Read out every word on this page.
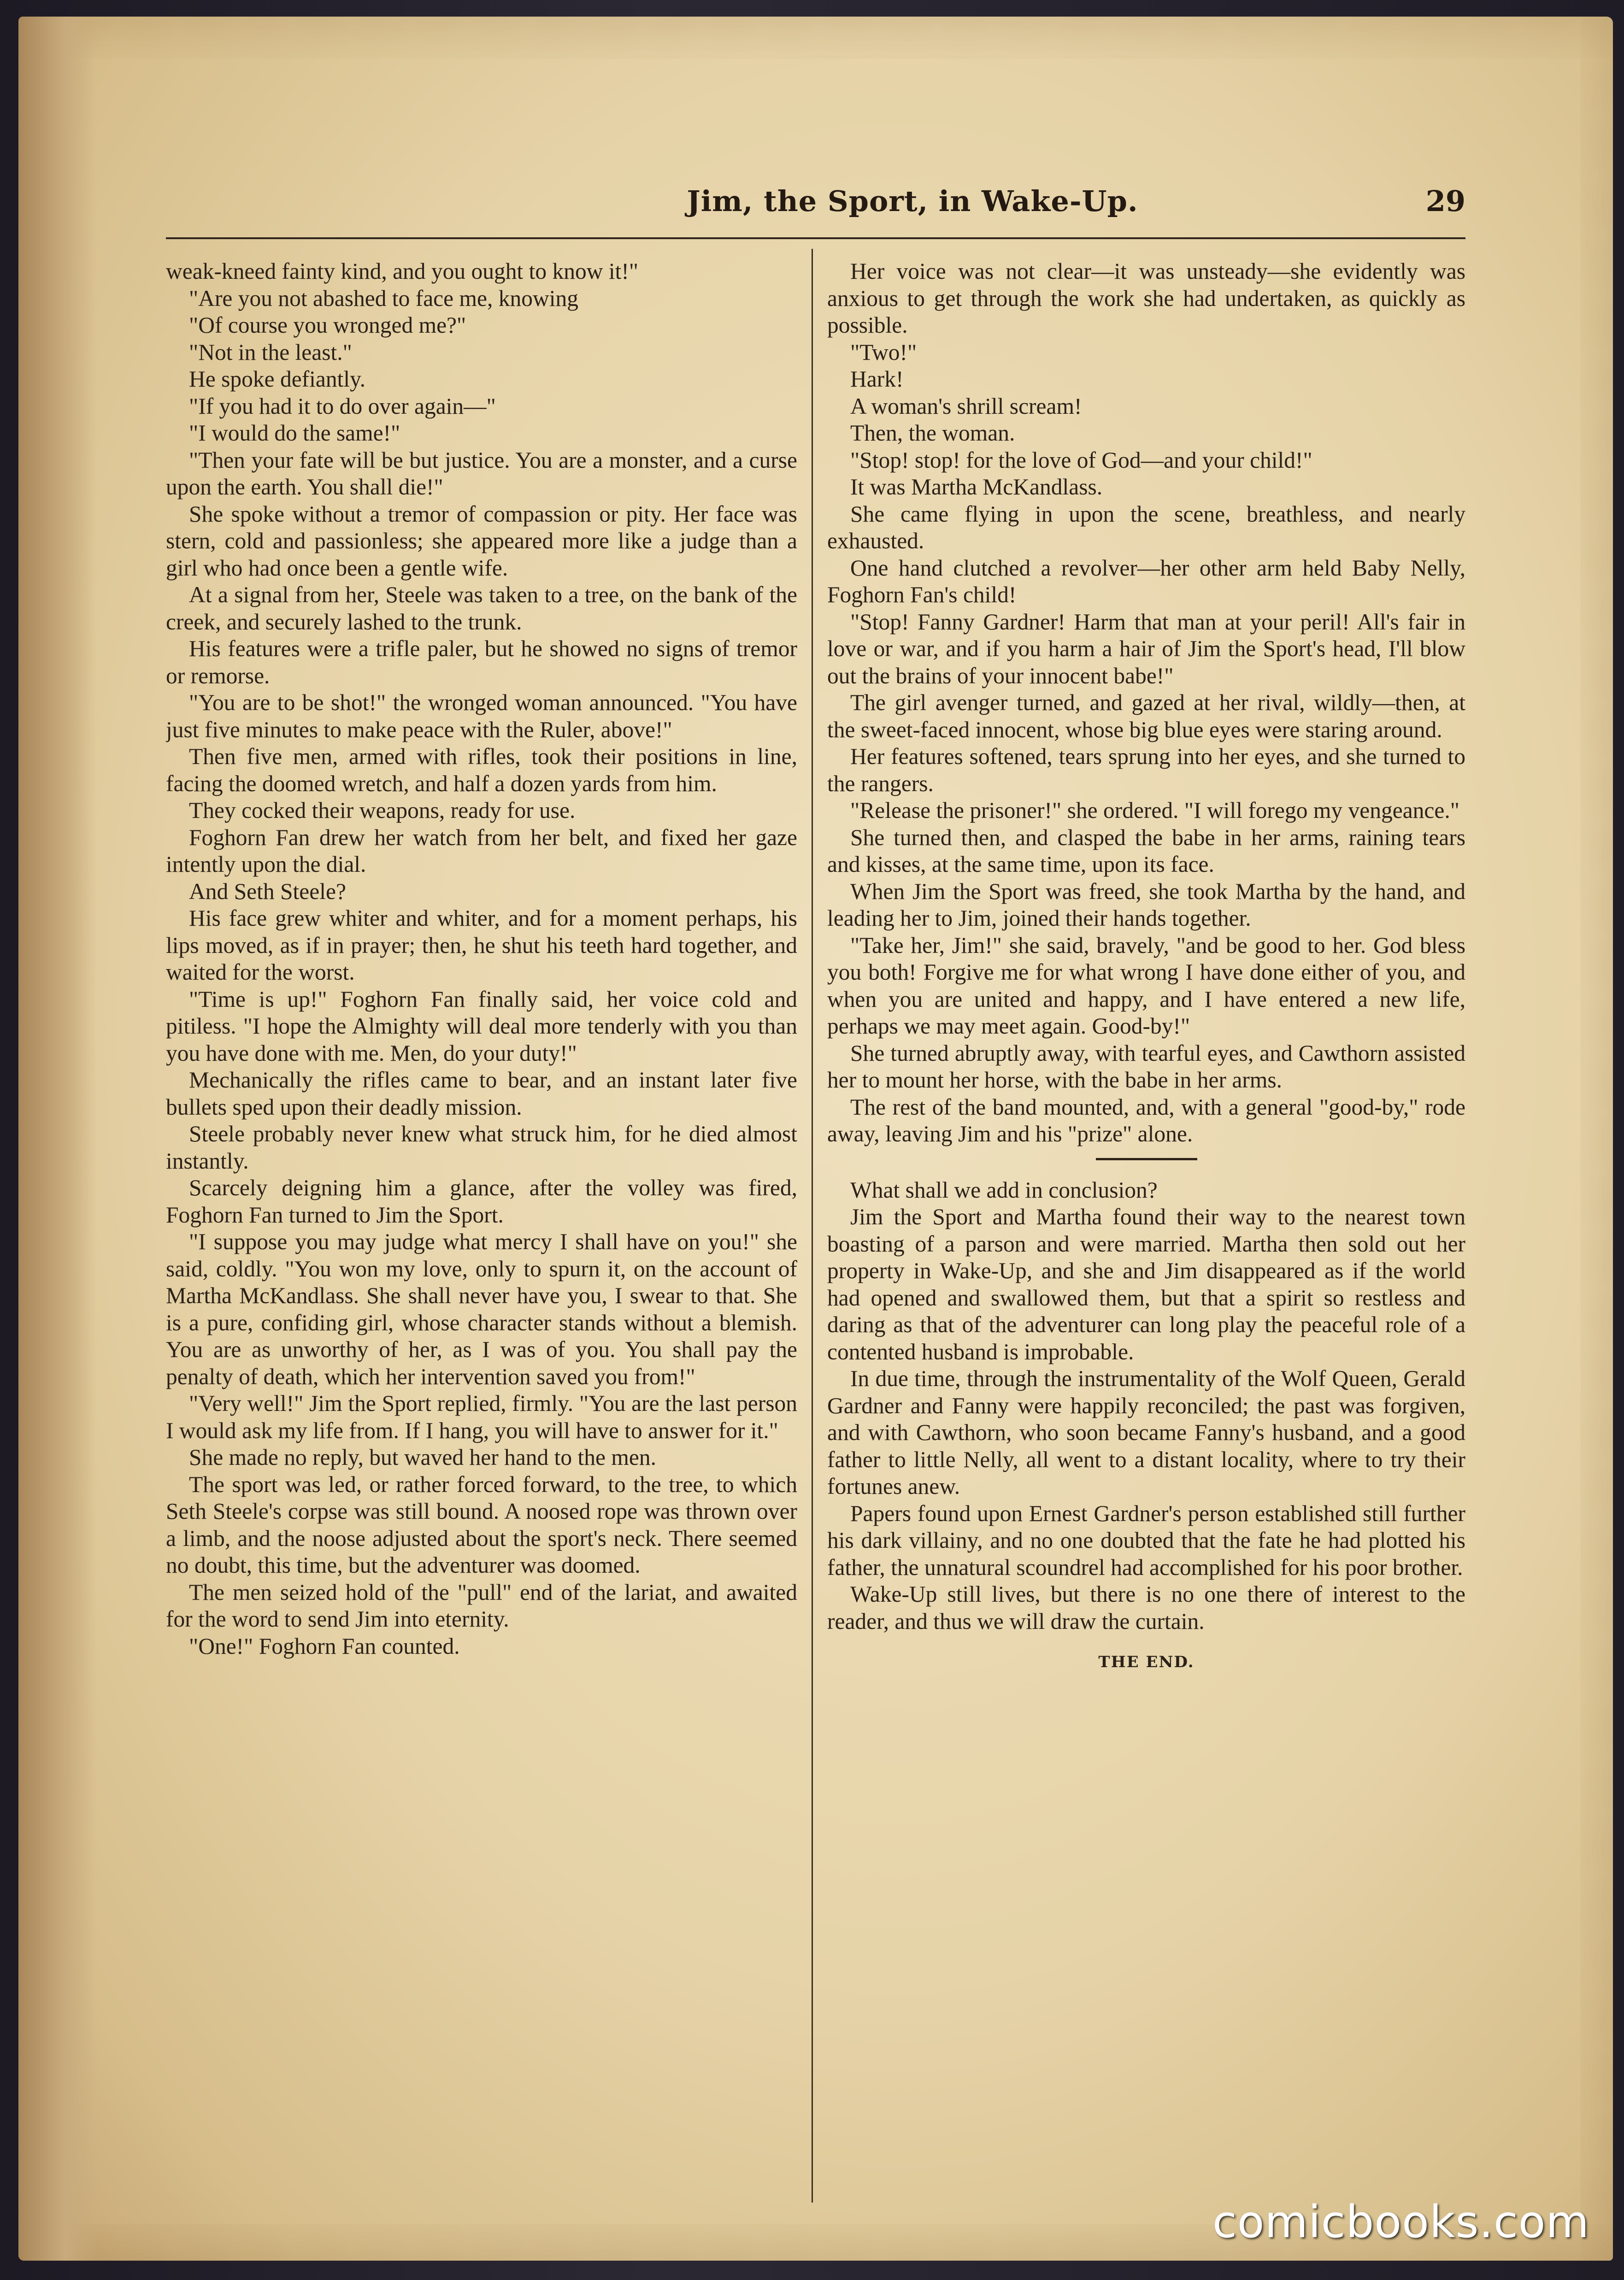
Jim, the Sport, in Wake-Up.	29

weak-kneed fainty kind, and you ought to know it!"

"Are you not abashed to face me, knowing

"Of course you wronged me?"

"Not in the least."

He spoke defiantly.

"If you had it to do over again—"

"I would do the same!"

"Then your fate will be but justice. You are a monster, and a curse upon the earth. You shall die!"

She spoke without a tremor of compassion or pity. Her face was stern, cold and passionless; she appeared more like a judge than a girl who had once been a gentle wife.

At a signal from her, Steele was taken to a tree, on the bank of the creek, and securely lashed to the trunk.

His features were a trifle paler, but he showed no signs of tremor or remorse.

"You are to be shot!" the wronged woman announced. "You have just five minutes to make peace with the Ruler, above!"

Then five men, armed with rifles, took their positions in line, facing the doomed wretch, and half a dozen yards from him.

They cocked their weapons, ready for use.

Foghorn Fan drew her watch from her belt, and fixed her gaze intently upon the dial.

And Seth Steele?

His face grew whiter and whiter, and for a moment perhaps, his lips moved, as if in prayer; then, he shut his teeth hard together, and waited for the worst.

"Time is up!" Foghorn Fan finally said, her voice cold and pitiless. "I hope the Almighty will deal more tenderly with you than you have done with me. Men, do your duty!"

Mechanically the rifles came to bear, and an instant later five bullets sped upon their deadly mission.

Steele probably never knew what struck him, for he died almost instantly.

Scarcely deigning him a glance, after the volley was fired, Foghorn Fan turned to Jim the Sport.

"I suppose you may judge what mercy I shall have on you!" she said, coldly. "You won my love, only to spurn it, on the account of Martha McKandlass. She shall never have you, I swear to that. She is a pure, confiding girl, whose character stands without a blemish. You are as unworthy of her, as I was of you. You shall pay the penalty of death, which her intervention saved you from!"

"Very well!" Jim the Sport replied, firmly. "You are the last person I would ask my life from. If I hang, you will have to answer for it."

She made no reply, but waved her hand to the men.

The sport was led, or rather forced forward, to the tree, to which Seth Steele's corpse was still bound. A noosed rope was thrown over a limb, and the noose adjusted about the sport's neck. There seemed no doubt, this time, but the adventurer was doomed.

The men seized hold of the "pull" end of the lariat, and awaited for the word to send Jim into eternity.

"One!" Foghorn Fan counted.

Her voice was not clear—it was unsteady—she evidently was anxious to get through the work she had undertaken, as quickly as possible.

"Two!"

Hark!

A woman's shrill scream!

Then, the woman.

"Stop! stop! for the love of God—and your child!"

It was Martha McKandlass.

She came flying in upon the scene, breathless, and nearly exhausted.

One hand clutched a revolver—her other arm held Baby Nelly, Foghorn Fan's child!

"Stop! Fanny Gardner! Harm that man at your peril! All's fair in love or war, and if you harm a hair of Jim the Sport's head, I'll blow out the brains of your innocent babe!"

The girl avenger turned, and gazed at her rival, wildly—then, at the sweet-faced innocent, whose big blue eyes were staring around.

Her features softened, tears sprung into her eyes, and she turned to the rangers.

"Release the prisoner!" she ordered. "I will forego my vengeance."

She turned then, and clasped the babe in her arms, raining tears and kisses, at the same time, upon its face.

When Jim the Sport was freed, she took Martha by the hand, and leading her to Jim, joined their hands together.

"Take her, Jim!" she said, bravely, "and be good to her. God bless you both! Forgive me for what wrong I have done either of you, and when you are united and happy, and I have entered a new life, perhaps we may meet again. Good-by!"

She turned abruptly away, with tearful eyes, and Cawthorn assisted her to mount her horse, with the babe in her arms.

The rest of the band mounted, and, with a general "good-by," rode away, leaving Jim and his "prize" alone.

What shall we add in conclusion?

Jim the Sport and Martha found their way to the nearest town boasting of a parson and were married. Martha then sold out her property in Wake-Up, and she and Jim disappeared as if the world had opened and swallowed them, but that a spirit so restless and daring as that of the adventurer can long play the peaceful role of a contented husband is improbable.

In due time, through the instrumentality of the Wolf Queen, Gerald Gardner and Fanny were happily reconciled; the past was forgiven, and with Cawthorn, who soon became Fanny's husband, and a good father to little Nelly, all went to a distant locality, where to try their fortunes anew.

Papers found upon Ernest Gardner's person established still further his dark villainy, and no one doubted that the fate he had plotted his father, the unnatural scoundrel had accomplished for his poor brother.

Wake-Up still lives, but there is no one there of interest to the reader, and thus we will draw the curtain.

THE END.
comicbooks.com
